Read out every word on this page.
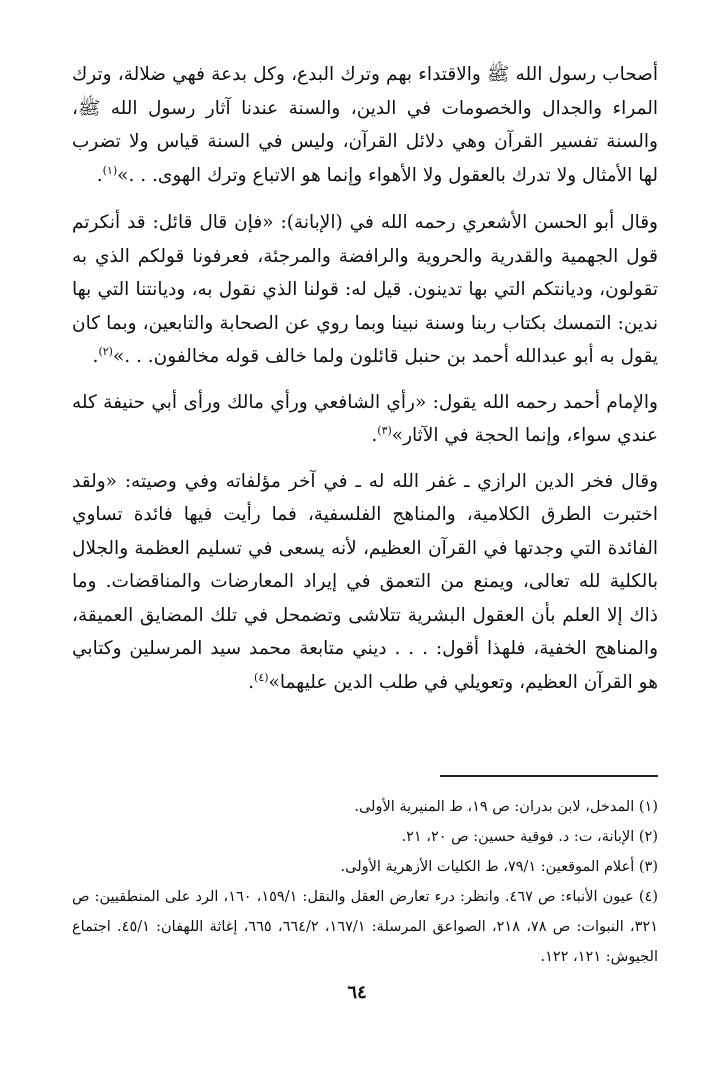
أصحاب رسول الله ﷺ والاقتداء بهم وترك البدع، وكل بدعة فهي ضلالة، وترك المراء والجدال والخصومات في الدين، والسنة عندنا آثار رسول الله ﷺ، والسنة تفسير القرآن وهي دلائل القرآن، وليس في السنة قياس ولا تضرب لها الأمثال ولا تدرك بالعقول ولا الأهواء وإنما هو الاتباع وترك الهوى. . .»$^{(١)}$.

وقال أبو الحسن الأشعري رحمه الله في (الإبانة): «فإن قال قائل: قد أنكرتم قول الجهمية والقدرية والحروية والرافضة والمرجئة، فعرفونا قولكم الذي به تقولون، وديانتكم التي بها تدينون. قيل له: قولنا الذي نقول به، وديانتنا التي بها ندين: التمسك بكتاب ربنا وسنة نبينا وبما روي عن الصحابة والتابعين، وبما كان يقول به أبو عبدالله أحمد بن حنبل قائلون ولما خالف قوله مخالفون. . .»$^{(٢)}$.

والإمام أحمد رحمه الله يقول: «رأي الشافعي ورأي مالك ورأى أبي حنيفة كله عندي سواء، وإنما الحجة في الآثار»$^{(٣)}$.

وقال فخر الدين الرازي ـ غفر الله له ـ في آخر مؤلفاته وفي وصيته: «ولقد اختبرت الطرق الكلامية، والمناهج الفلسفية، فما رأيت فيها فائدة تساوي الفائدة التي وجدتها في القرآن العظيم، لأنه يسعى في تسليم العظمة والجلال بالكلية لله تعالى، ويمنع من التعمق في إيراد المعارضات والمناقضات. وما ذاك إلا العلم بأن العقول البشرية تتلاشى وتضمحل في تلك المضايق العميقة، والمناهج الخفية، فلهذا أقول: . . . ديني متابعة محمد سيد المرسلين وكتابي هو القرآن العظيم، وتعويلي في طلب الدين عليهما»$^{(٤)}$.

(١) المدخل، لابن بدران: ص ١٩، ط المنيرية الأولى.

(٢) الإبانة، ت: د. فوقية حسين: ص ٢٠، ٢١.

(٣) أعلام الموقعين: ٧٩/١، ط الكليات الأزهرية الأولى.

(٤) عيون الأنباء: ص ٤٦٧. وانظر: درء تعارض العقل والنقل: ١٥٩/١، ١٦٠، الرد على المنطقيين: ص ٣٢١، النبوات: ص ٧٨، ٢١٨، الصواعق المرسلة: ١٦٧/١، ٦٦٤/٢، ٦٦٥، إغاثة اللهفان: ٤٥/١. اجتماع الجيوش: ١٢١، ١٢٢.

٦٤
